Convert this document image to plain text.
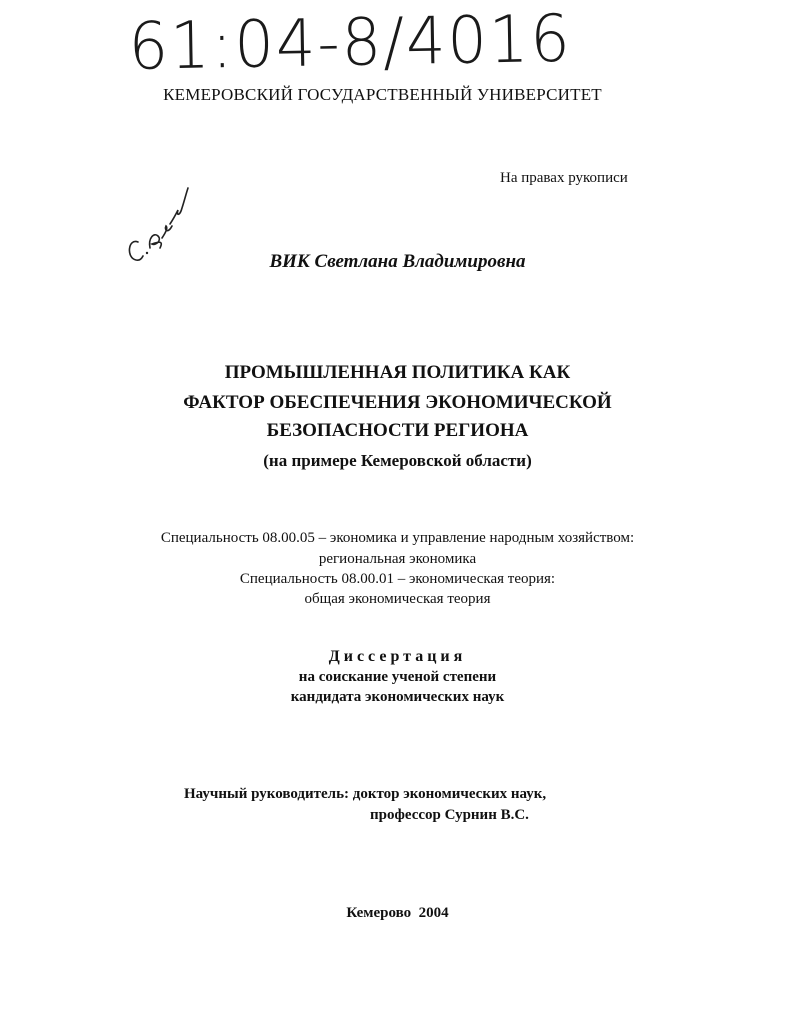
61:04-8/4016
КЕМЕРОВСКИЙ ГОСУДАРСТВЕННЫЙ УНИВЕРСИТЕТ
На правах рукописи
ВИК Светлана Владимировна
ПРОМЫШЛЕННАЯ ПОЛИТИКА КАК
ФАКТОР ОБЕСПЕЧЕНИЯ ЭКОНОМИЧЕСКОЙ
БЕЗОПАСНОСТИ РЕГИОНА
(на примере Кемеровской области)
Специальность 08.00.05 – экономика и управление народным хозяйством:
региональная экономика
Специальность 08.00.01 – экономическая теория:
общая экономическая теория
Диссертация
на соискание ученой степени
кандидата экономических наук
Научный руководитель: доктор экономических наук,
профессор Сурнин В.С.
Кемерово  2004
